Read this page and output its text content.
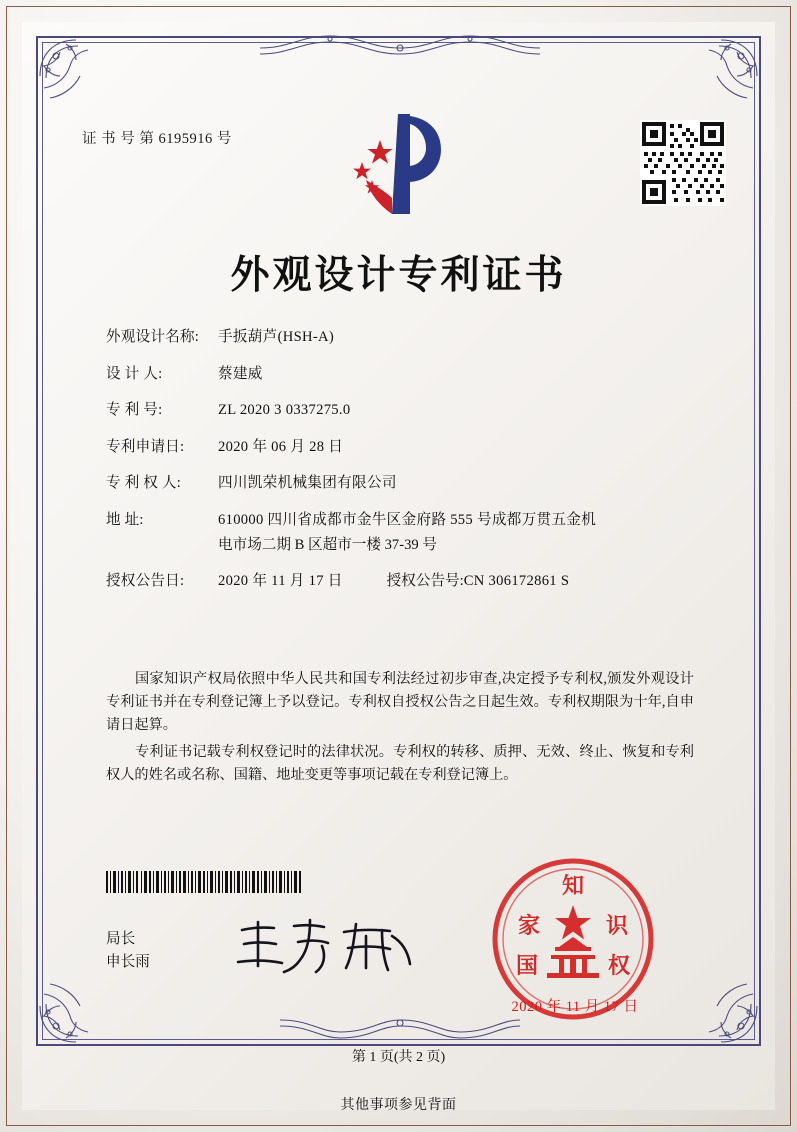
证 书 号 第 6195916 号
外观设计专利证书
外观设计名称: 手扳葫芦(HSH-A)
设 计 人:	蔡建威
专 利 号:	ZL 2020 3 0337275.0
专利申请日: 2020 年 06 月 28 日
专 利 权 人:	四川凯荣机械集团有限公司
地 址:	610000 四川省成都市金牛区金府路 555 号成都万贯五金机
电市场二期 B 区超市一楼 37-39 号
授权公告日: 2020 年 11 月 17 日	授权公告号:CN 306172861 S
国家知识产权局依照中华人民共和国专利法经过初步审查,决定授予专利权,颁发外观设计专利证书并在专利登记簿上予以登记。专利权自授权公告之日起生效。专利权期限为十年,自申请日起算。
专利证书记载专利权登记时的法律状况。专利权的转移、质押、无效、终止、恢复和专利权人的姓名或名称、国籍、地址变更等事项记载在专利登记簿上。
局长
申长雨
知
识
权
家
国
2020 年 11 月 17 日
第 1 页(共 2 页)
其他事项参见背面
